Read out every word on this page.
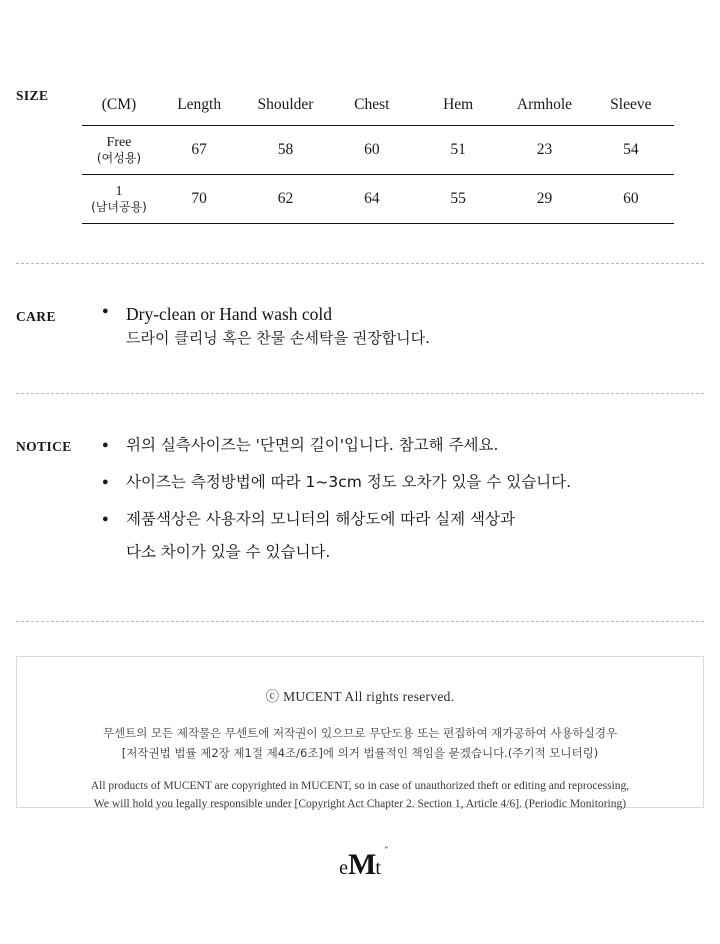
SIZE
(CM)	Length	Shoulder	Chest	Hem	Armhole	Sleeve

Free
(여성용)	67	58	60	51	23	54

1
(남녀공용)	70	62	64	55	29	60
CARE	● Dry-clean or Hand wash cold
드라이 클리닝 혹은 찬물 손세탁을 권장합니다.
NOTICE	● 위의 실측사이즈는 '단면의 길이'입니다. 참고해 주세요.
● 사이즈는 측정방법에 따라 1~3cm 정도 오차가 있을 수 있습니다.
● 제품색상은 사용자의 모니터의 해상도에 따라 실제 색상과
다소 차이가 있을 수 있습니다.
ⓒ MUCENT All rights reserved.
무센트의 모든 제작물은 무센트에 저작권이 있으므로 무단도용 또는 편집하여 재가공하여 사용하실경우
[저작권법 법률 제2장 제1절 제4조/6조]에 의거 법률적인 책임을 묻겠습니다.(주기적 모니터링)
All products of MUCENT are copyrighted in MUCENT, so in case of unauthorized theft or editing and reprocessing,
We will hold you legally responsible under [Copyright Act Chapter 2. Section 1, Article 4/6]. (Periodic Monitoring)
eMt
''
